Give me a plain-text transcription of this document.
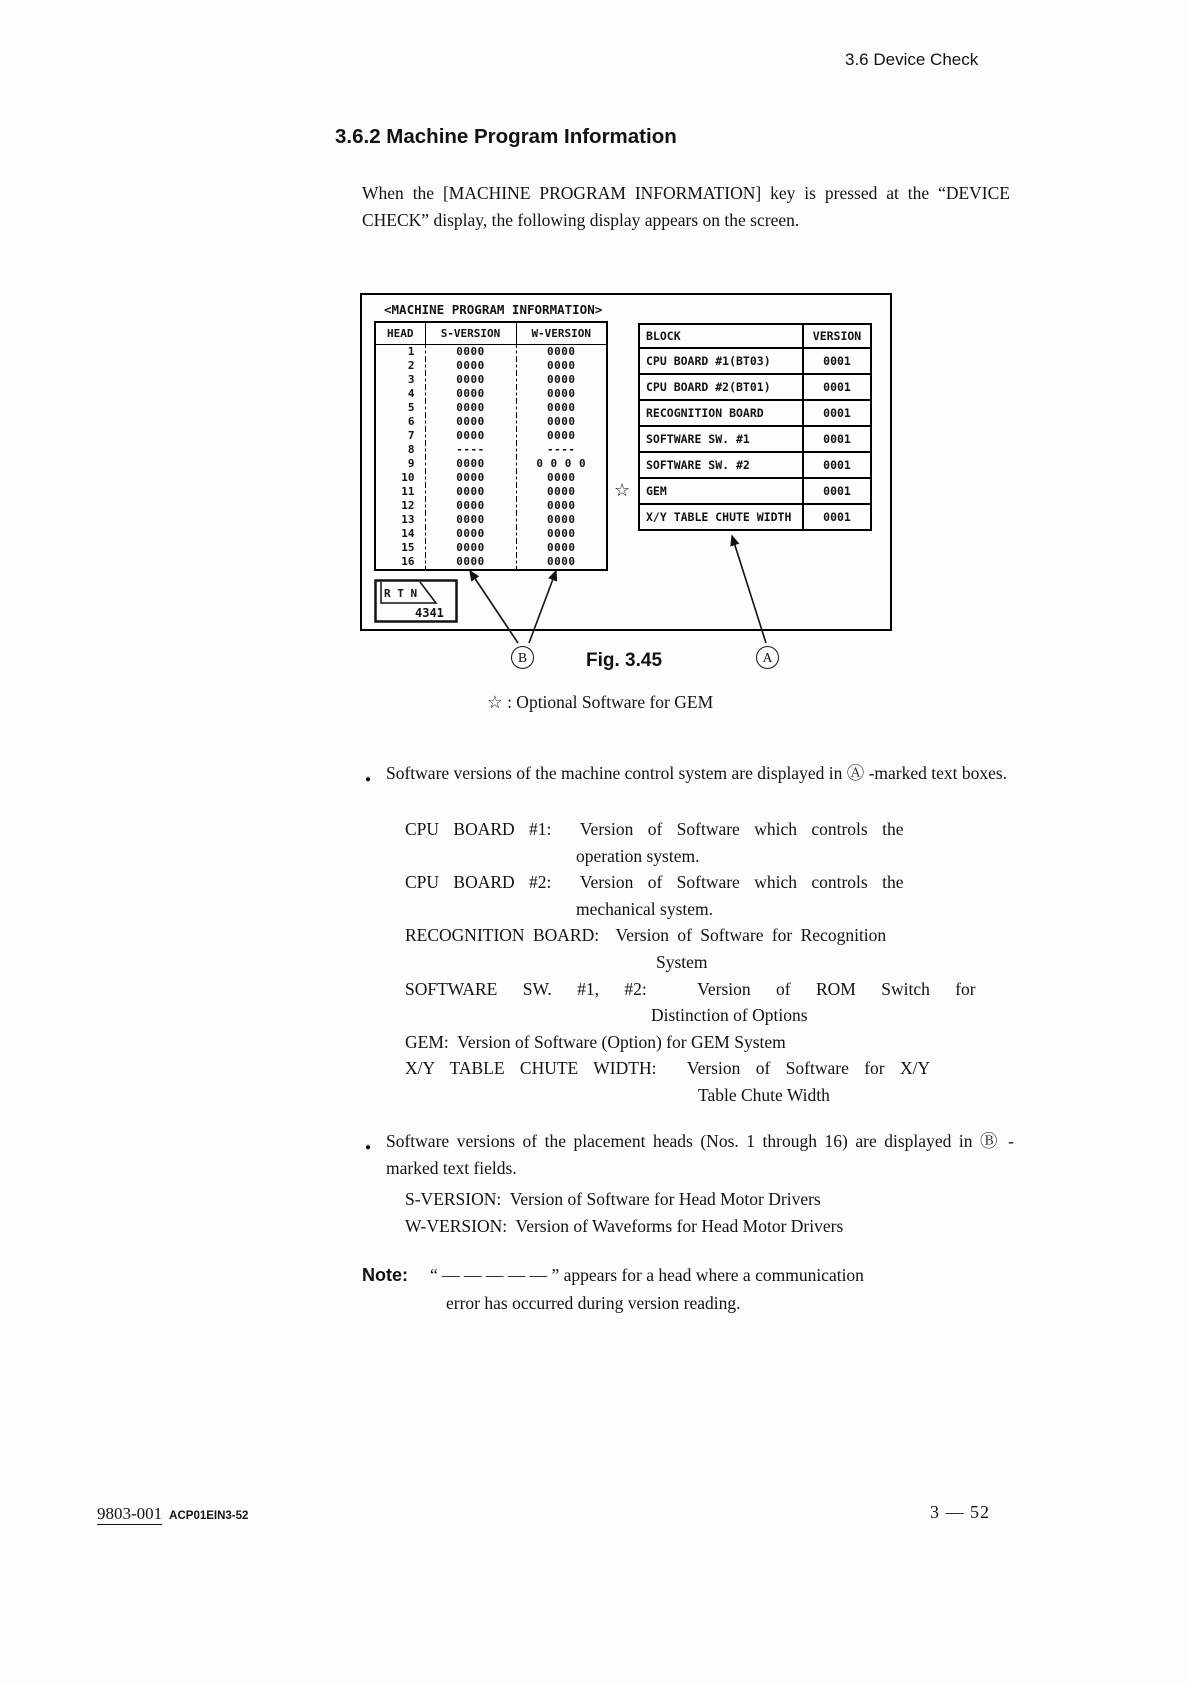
3.6 Device Check
3.6.2 Machine Program Information

When the [MACHINE PROGRAM INFORMATION] key is pressed at the “DEVICE CHECK” display, the following display appears on the screen.

<MACHINE PROGRAM INFORMATION>
HEAD	S-VERSION	W-VERSION
1	0000	0000
2	0000	0000
3	0000	0000
4	0000	0000
5	0000	0000
6	0000	0000
7	0000	0000
8	----	----
9	0000	0 0 0 0
10	0000	0000
11	0000	0000
12	0000	0000
13	0000	0000
14	0000	0000
15	0000	0000
16	0000	0000
BLOCK	VERSION
CPU BOARD #1(BT03)	0001
CPU BOARD #2(BT01)	0001
RECOGNITION BOARD	0001
SOFTWARE SW. #1	0001
SOFTWARE SW. #2	0001
GEM	0001
X/Y TABLE CHUTE WIDTH	0001
☆
R T N
4341
B	A
Fig. 3.45
☆ : Optional Software for GEM
Software versions of the machine control system are displayed in Ⓐ -marked text boxes.
CPU BOARD #1:  Version of Software which controls the
operation system.
CPU BOARD #2:  Version of Software which controls the
mechanical system.
RECOGNITION BOARD:  Version of Software for Recognition
System
SOFTWARE SW. #1, #2:  Version of ROM Switch for
Distinction of Options
GEM:  Version of Software (Option) for GEM System
X/Y TABLE CHUTE WIDTH:  Version of Software for X/Y
Table Chute Width
Software versions of the placement heads (Nos. 1 through 16) are displayed in Ⓑ -marked text fields.
S-VERSION:  Version of Software for Head Motor Drivers
W-VERSION:  Version of Waveforms for Head Motor Drivers
Note: “ — — — — — ” appears for a head where a communication
error has occurred during version reading.
9803-001 ACP01EIN3-52	3 — 52
